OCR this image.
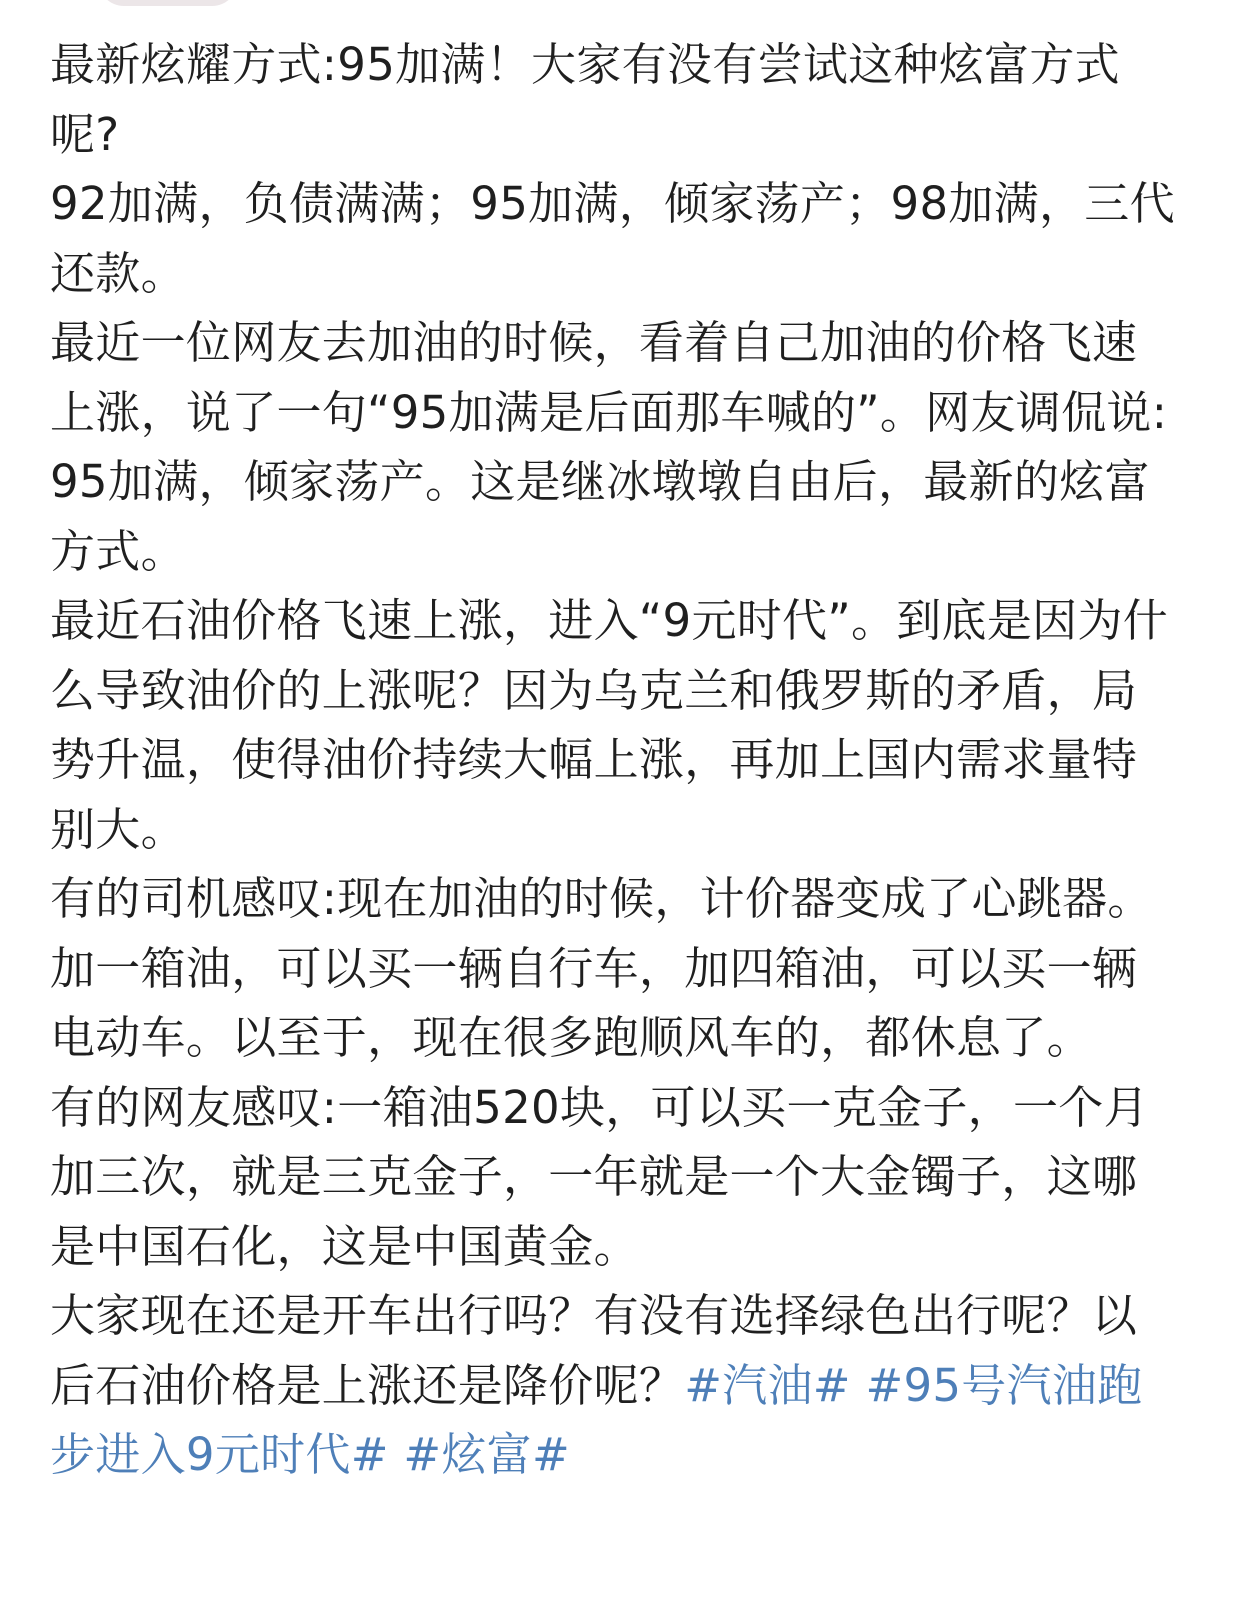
最新炫耀方式:95加满！大家有没有尝试这种炫富方式呢?

92加满，负债满满；95加满，倾家荡产；98加满，三代还款。

最近一位网友去加油的时候，看着自己加油的价格飞速上涨，说了一句“95加满是后面那车喊的”。网友调侃说:95加满，倾家荡产。这是继冰墩墩自由后，最新的炫富方式。

最近石油价格飞速上涨，进入“9元时代”。到底是因为什么导致油价的上涨呢？因为乌克兰和俄罗斯的矛盾，局势升温，使得油价持续大幅上涨，再加上国内需求量特别大。

有的司机感叹:现在加油的时候，计价器变成了心跳器。加一箱油，可以买一辆自行车，加四箱油，可以买一辆电动车。以至于，现在很多跑顺风车的，都休息了。

有的网友感叹:一箱油520块，可以买一克金子，一个月加三次，就是三克金子，一年就是一个大金镯子，这哪是中国石化，这是中国黄金。

大家现在还是开车出行吗？有没有选择绿色出行呢？以后石油价格是上涨还是降价呢？#汽油# #95号汽油跑步进入9元时代# #炫富#
